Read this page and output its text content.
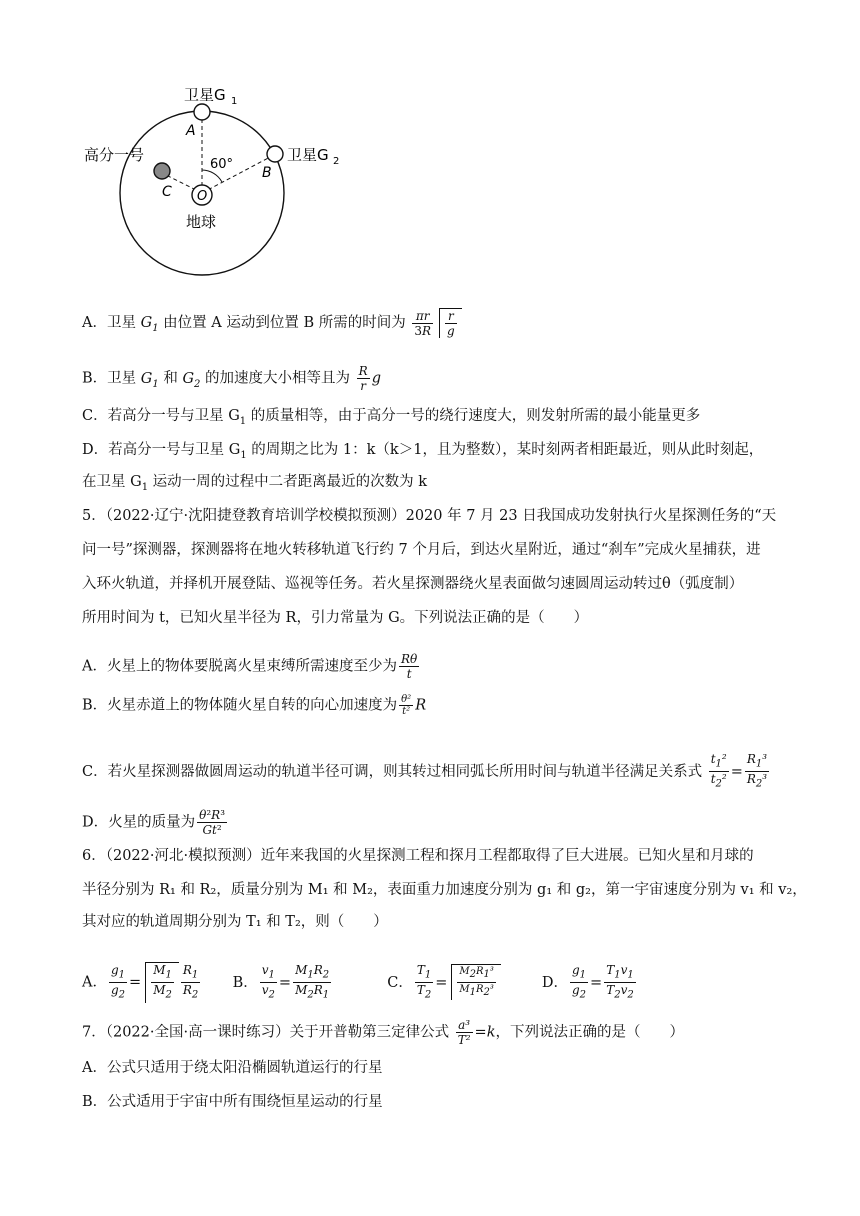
卫星G 1
卫星G 2
高分一号
地球
A
B
C O
60°
A．卫星 $G_1$ 由位置 A 运动到位置 B 所需的时间为 $\frac{\pi r}{3R} \frac{r}{g}$
B．卫星 $G_1$ 和 $G_2$ 的加速度大小相等且为 $\frac{R}{r}$ g
C．若高分一号与卫星 $G_1$ 的质量相等，由于高分一号的绕行速度大，则发射所需的最小能量更多
D．若高分一号与卫星 $G_1$ 的周期之比为 1：k（k＞1，且为整数），某时刻两者相距最近，则从此时刻起，
在卫星 $G_1$ 运动一周的过程中二者距离最近的次数为 k
5．（2022·辽宁·沈阳捷登教育培训学校模拟预测）2020 年 7 月 23 日我国成功发射执行火星探测任务的“天
问一号”探测器，探测器将在地火转移轨道飞行约 7 个月后，到达火星附近，通过“刹车”完成火星捕获，进
入环火轨道，并择机开展登陆、巡视等任务。若火星探测器绕火星表面做匀速圆周运动转过θ（弧度制）
所用时间为 t，已知火星半径为 R，引力常量为 G。下列说法正确的是（　　）
A．火星上的物体要脱离火星束缚所需速度至少为 $\frac{R\theta}{t}$
B．火星赤道上的物体随火星自转的向心加速度为 $\frac{\text{θ²}}{\text{t²}}$ R
C．若火星探测器做圆周运动的轨道半径可调，则其转过相同弧长所用时间与轨道半径满足关系式 $\frac{t_1^2}{t_2^2} = \frac{R_1^3}{R_2^3}$
D．火星的质量为 $\frac{\text{θ²R³}}{\text{Gt²}}$
6．（2022·河北·模拟预测）近年来我国的火星探测工程和探月工程都取得了巨大进展。已知火星和月球的
半径分别为 R₁ 和 R₂，质量分别为 M₁ 和 M₂，表面重力加速度分别为 g₁ 和 g₂，第一宇宙速度分别为 v₁ 和 v₂，
其对应的轨道周期分别为 T₁ 和 T₂，则（　　）
A． $\frac{g_1}{g_2} = \frac{M_1}{M_2} \frac{R_1}{R_2}$ B． $\frac{v_1}{v_2} = \frac{M_1R_2}{M_2R_1}$	C． $\frac{T_1}{T_2} = \frac{M_2R_1^3}{M_1R_2^3}$	D． $\frac{g_1}{g_2} = \frac{T_1v_1}{T_2v_2}$
7．（2022·全国·高一课时练习）关于开普勒第三定律公式 $\frac{\text{a³}}{\text{T²}} =k$，下列说法正确的是（　　）
A．公式只适用于绕太阳沿椭圆轨道运行的行星
B．公式适用于宇宙中所有围绕恒星运动的行星
